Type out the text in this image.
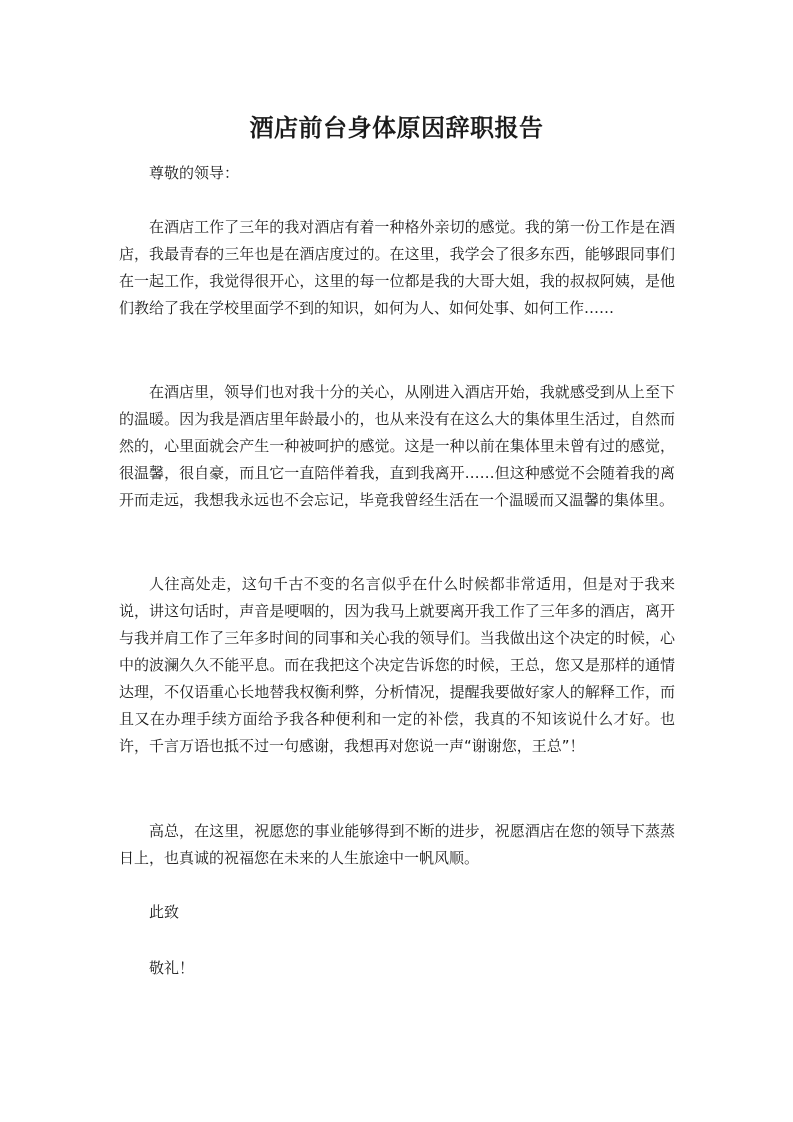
酒店前台身体原因辞职报告

尊敬的领导：

在酒店工作了三年的我对酒店有着一种格外亲切的感觉。我的第一份工作是在酒店，我最青春的三年也是在酒店度过的。在这里，我学会了很多东西，能够跟同事们在一起工作，我觉得很开心，这里的每一位都是我的大哥大姐，我的叔叔阿姨，是他们教给了我在学校里面学不到的知识，如何为人、如何处事、如何工作……

在酒店里，领导们也对我十分的关心，从刚进入酒店开始，我就感受到从上至下的温暖。因为我是酒店里年龄最小的，也从来没有在这么大的集体里生活过，自然而然的，心里面就会产生一种被呵护的感觉。这是一种以前在集体里未曾有过的感觉，很温馨，很自豪，而且它一直陪伴着我，直到我离开……但这种感觉不会随着我的离开而走远，我想我永远也不会忘记，毕竟我曾经生活在一个温暖而又温馨的集体里。

人往高处走，这句千古不变的名言似乎在什么时候都非常适用，但是对于我来说，讲这句话时，声音是哽咽的，因为我马上就要离开我工作了三年多的酒店，离开与我并肩工作了三年多时间的同事和关心我的领导们。当我做出这个决定的时候，心中的波澜久久不能平息。而在我把这个决定告诉您的时候，王总，您又是那样的通情达理，不仅语重心长地替我权衡利弊，分析情况，提醒我要做好家人的解释工作，而且又在办理手续方面给予我各种便利和一定的补偿，我真的不知该说什么才好。也许，千言万语也抵不过一句感谢，我想再对您说一声“谢谢您，王总”！

高总，在这里，祝愿您的事业能够得到不断的进步，祝愿酒店在您的领导下蒸蒸日上，也真诚的祝福您在未来的人生旅途中一帆风顺。

此致

敬礼！
